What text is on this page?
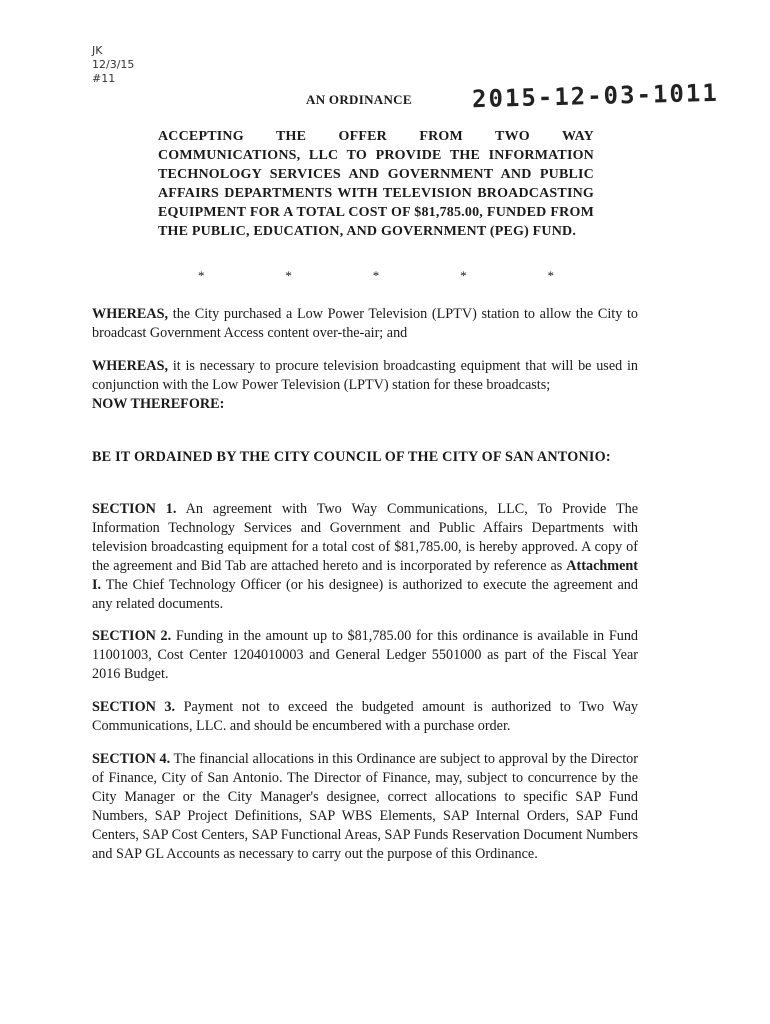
JK
12/3/15
#11
AN ORDINANCE	2015-12-03-1011
ACCEPTING THE OFFER FROM TWO WAY COMMUNICATIONS, LLC TO PROVIDE THE INFORMATION TECHNOLOGY SERVICES AND GOVERNMENT AND PUBLIC AFFAIRS DEPARTMENTS WITH TELEVISION BROADCASTING EQUIPMENT FOR A TOTAL COST OF $81,785.00, FUNDED FROM THE PUBLIC, EDUCATION, AND GOVERNMENT (PEG) FUND.
*	*	*	*	*
WHEREAS, the City purchased a Low Power Television (LPTV) station to allow the City to broadcast Government Access content over-the-air; and
WHEREAS, it is necessary to procure television broadcasting equipment that will be used in conjunction with the Low Power Television (LPTV) station for these broadcasts;
NOW THEREFORE:
BE IT ORDAINED BY THE CITY COUNCIL OF THE CITY OF SAN ANTONIO:
SECTION 1. An agreement with Two Way Communications, LLC, To Provide The Information Technology Services and Government and Public Affairs Departments with television broadcasting equipment for a total cost of $81,785.00, is hereby approved. A copy of the agreement and Bid Tab are attached hereto and is incorporated by reference as Attachment I. The Chief Technology Officer (or his designee) is authorized to execute the agreement and any related documents.
SECTION 2. Funding in the amount up to $81,785.00 for this ordinance is available in Fund 11001003, Cost Center 1204010003 and General Ledger 5501000 as part of the Fiscal Year 2016 Budget.
SECTION 3. Payment not to exceed the budgeted amount is authorized to Two Way Communications, LLC. and should be encumbered with a purchase order.
SECTION 4. The financial allocations in this Ordinance are subject to approval by the Director of Finance, City of San Antonio. The Director of Finance, may, subject to concurrence by the City Manager or the City Manager's designee, correct allocations to specific SAP Fund Numbers, SAP Project Definitions, SAP WBS Elements, SAP Internal Orders, SAP Fund Centers, SAP Cost Centers, SAP Functional Areas, SAP Funds Reservation Document Numbers and SAP GL Accounts as necessary to carry out the purpose of this Ordinance.
